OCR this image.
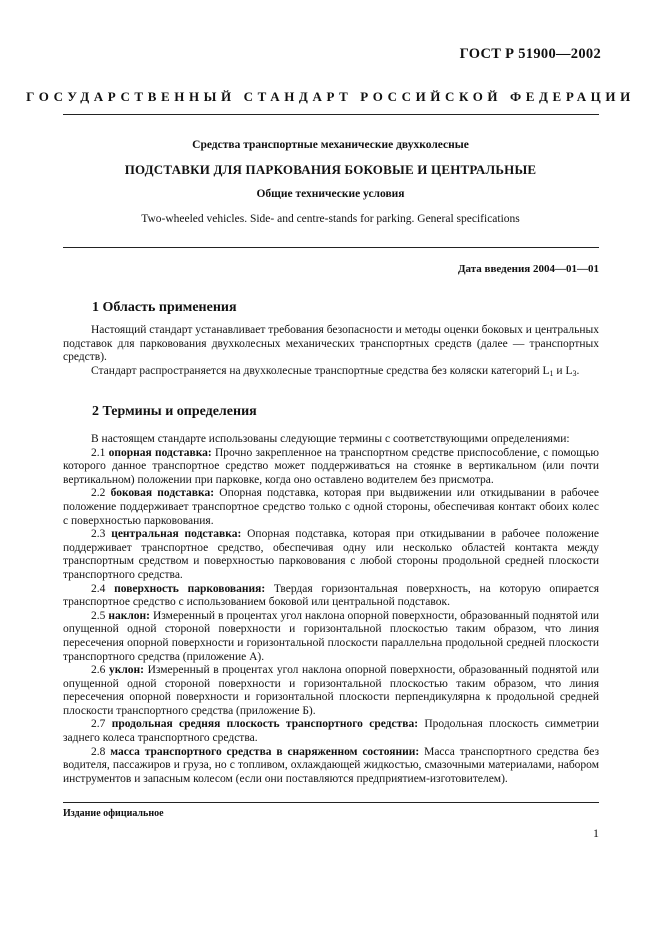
ГОСТ Р 51900—2002
ГОСУДАРСТВЕННЫЙ СТАНДАРТ РОССИЙСКОЙ ФЕДЕРАЦИИ
Средства транспортные механические двухколесные
ПОДСТАВКИ ДЛЯ ПАРКОВАНИЯ БОКОВЫЕ И ЦЕНТРАЛЬНЫЕ
Общие технические условия
Two-wheeled vehicles. Side- and centre-stands for parking. General specifications
Дата введения 2004—01—01
1 Область применения

Настоящий стандарт устанавливает требования безопасности и методы оценки боковых и центральных подставок для парковования двухколесных механических транспортных средств (далее — транспортных средств).

Стандарт распространяется на двухколесные транспортные средства без коляски категорий $L_1$ и $L_3$.

2 Термины и определения

В настоящем стандарте использованы следующие термины с соответствующими определениями:

2.1 опорная подставка: Прочно закрепленное на транспортном средстве приспособление, с помощью которого данное транспортное средство может поддерживаться на стоянке в вертикальном (или почти вертикальном) положении при парковке, когда оно оставлено водителем без присмотра.

2.2 боковая подставка: Опорная подставка, которая при выдвижении или откидывании в рабочее положение поддерживает транспортное средство только с одной стороны, обеспечивая контакт обоих колес с поверхностью парковования.

2.3 центральная подставка: Опорная подставка, которая при откидывании в рабочее положение поддерживает транспортное средство, обеспечивая одну или несколько областей контакта между транспортным средством и поверхностью парковования с любой стороны продольной средней плоскости транспортного средства.

2.4 поверхность парковования: Твердая горизонтальная поверхность, на которую опирается транспортное средство с использованием боковой или центральной подставок.

2.5 наклон: Измеренный в процентах угол наклона опорной поверхности, образованный поднятой или опущенной одной стороной поверхности и горизонтальной плоскостью таким образом, что линия пересечения опорной поверхности и горизонтальной плоскости параллельна продольной средней плоскости транспортного средства (приложение А).

2.6 уклон: Измеренный в процентах угол наклона опорной поверхности, образованный поднятой или опущенной одной стороной поверхности и горизонтальной плоскостью таким образом, что линия пересечения опорной поверхности и горизонтальной плоскости перпендикулярна к продольной средней плоскости транспортного средства (приложение Б).

2.7 продольная средняя плоскость транспортного средства: Продольная плоскость симметрии заднего колеса транспортного средства.

2.8 масса транспортного средства в снаряженном состоянии: Масса транспортного средства без водителя, пассажиров и груза, но с топливом, охлаждающей жидкостью, смазочными материалами, набором инструментов и запасным колесом (если они поставляются предприятием-изготовителем).

Издание официальное
1
